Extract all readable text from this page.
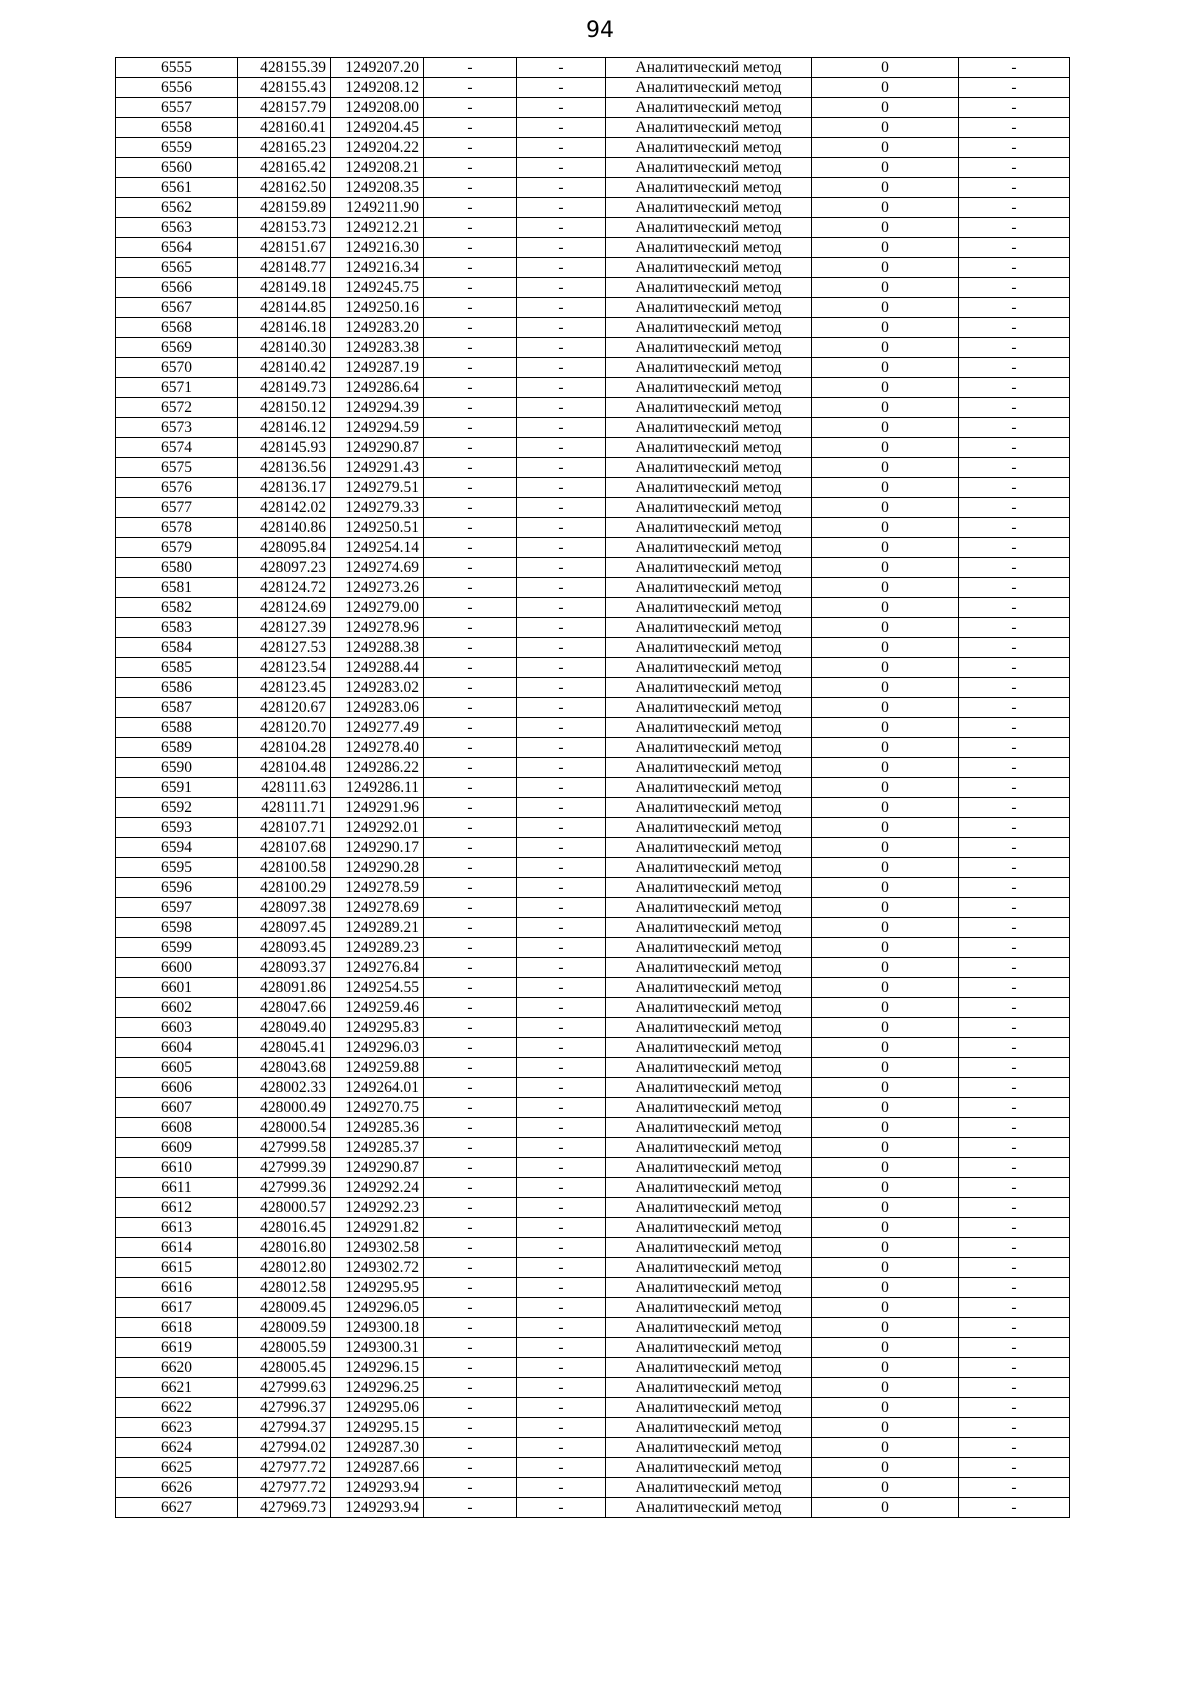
94
6555	428155.39	1249207.20	-	-	Аналитический метод	0	-
6556	428155.43	1249208.12	-	-	Аналитический метод	0	-
6557	428157.79	1249208.00	-	-	Аналитический метод	0	-
6558	428160.41	1249204.45	-	-	Аналитический метод	0	-
6559	428165.23	1249204.22	-	-	Аналитический метод	0	-
6560	428165.42	1249208.21	-	-	Аналитический метод	0	-
6561	428162.50	1249208.35	-	-	Аналитический метод	0	-
6562	428159.89	1249211.90	-	-	Аналитический метод	0	-
6563	428153.73	1249212.21	-	-	Аналитический метод	0	-
6564	428151.67	1249216.30	-	-	Аналитический метод	0	-
6565	428148.77	1249216.34	-	-	Аналитический метод	0	-
6566	428149.18	1249245.75	-	-	Аналитический метод	0	-
6567	428144.85	1249250.16	-	-	Аналитический метод	0	-
6568	428146.18	1249283.20	-	-	Аналитический метод	0	-
6569	428140.30	1249283.38	-	-	Аналитический метод	0	-
6570	428140.42	1249287.19	-	-	Аналитический метод	0	-
6571	428149.73	1249286.64	-	-	Аналитический метод	0	-
6572	428150.12	1249294.39	-	-	Аналитический метод	0	-
6573	428146.12	1249294.59	-	-	Аналитический метод	0	-
6574	428145.93	1249290.87	-	-	Аналитический метод	0	-
6575	428136.56	1249291.43	-	-	Аналитический метод	0	-
6576	428136.17	1249279.51	-	-	Аналитический метод	0	-
6577	428142.02	1249279.33	-	-	Аналитический метод	0	-
6578	428140.86	1249250.51	-	-	Аналитический метод	0	-
6579	428095.84	1249254.14	-	-	Аналитический метод	0	-
6580	428097.23	1249274.69	-	-	Аналитический метод	0	-
6581	428124.72	1249273.26	-	-	Аналитический метод	0	-
6582	428124.69	1249279.00	-	-	Аналитический метод	0	-
6583	428127.39	1249278.96	-	-	Аналитический метод	0	-
6584	428127.53	1249288.38	-	-	Аналитический метод	0	-
6585	428123.54	1249288.44	-	-	Аналитический метод	0	-
6586	428123.45	1249283.02	-	-	Аналитический метод	0	-
6587	428120.67	1249283.06	-	-	Аналитический метод	0	-
6588	428120.70	1249277.49	-	-	Аналитический метод	0	-
6589	428104.28	1249278.40	-	-	Аналитический метод	0	-
6590	428104.48	1249286.22	-	-	Аналитический метод	0	-
6591	428111.63	1249286.11	-	-	Аналитический метод	0	-
6592	428111.71	1249291.96	-	-	Аналитический метод	0	-
6593	428107.71	1249292.01	-	-	Аналитический метод	0	-
6594	428107.68	1249290.17	-	-	Аналитический метод	0	-
6595	428100.58	1249290.28	-	-	Аналитический метод	0	-
6596	428100.29	1249278.59	-	-	Аналитический метод	0	-
6597	428097.38	1249278.69	-	-	Аналитический метод	0	-
6598	428097.45	1249289.21	-	-	Аналитический метод	0	-
6599	428093.45	1249289.23	-	-	Аналитический метод	0	-
6600	428093.37	1249276.84	-	-	Аналитический метод	0	-
6601	428091.86	1249254.55	-	-	Аналитический метод	0	-
6602	428047.66	1249259.46	-	-	Аналитический метод	0	-
6603	428049.40	1249295.83	-	-	Аналитический метод	0	-
6604	428045.41	1249296.03	-	-	Аналитический метод	0	-
6605	428043.68	1249259.88	-	-	Аналитический метод	0	-
6606	428002.33	1249264.01	-	-	Аналитический метод	0	-
6607	428000.49	1249270.75	-	-	Аналитический метод	0	-
6608	428000.54	1249285.36	-	-	Аналитический метод	0	-
6609	427999.58	1249285.37	-	-	Аналитический метод	0	-
6610	427999.39	1249290.87	-	-	Аналитический метод	0	-
6611	427999.36	1249292.24	-	-	Аналитический метод	0	-
6612	428000.57	1249292.23	-	-	Аналитический метод	0	-
6613	428016.45	1249291.82	-	-	Аналитический метод	0	-
6614	428016.80	1249302.58	-	-	Аналитический метод	0	-
6615	428012.80	1249302.72	-	-	Аналитический метод	0	-
6616	428012.58	1249295.95	-	-	Аналитический метод	0	-
6617	428009.45	1249296.05	-	-	Аналитический метод	0	-
6618	428009.59	1249300.18	-	-	Аналитический метод	0	-
6619	428005.59	1249300.31	-	-	Аналитический метод	0	-
6620	428005.45	1249296.15	-	-	Аналитический метод	0	-
6621	427999.63	1249296.25	-	-	Аналитический метод	0	-
6622	427996.37	1249295.06	-	-	Аналитический метод	0	-
6623	427994.37	1249295.15	-	-	Аналитический метод	0	-
6624	427994.02	1249287.30	-	-	Аналитический метод	0	-
6625	427977.72	1249287.66	-	-	Аналитический метод	0	-
6626	427977.72	1249293.94	-	-	Аналитический метод	0	-
6627	427969.73	1249293.94	-	-	Аналитический метод	0	-
